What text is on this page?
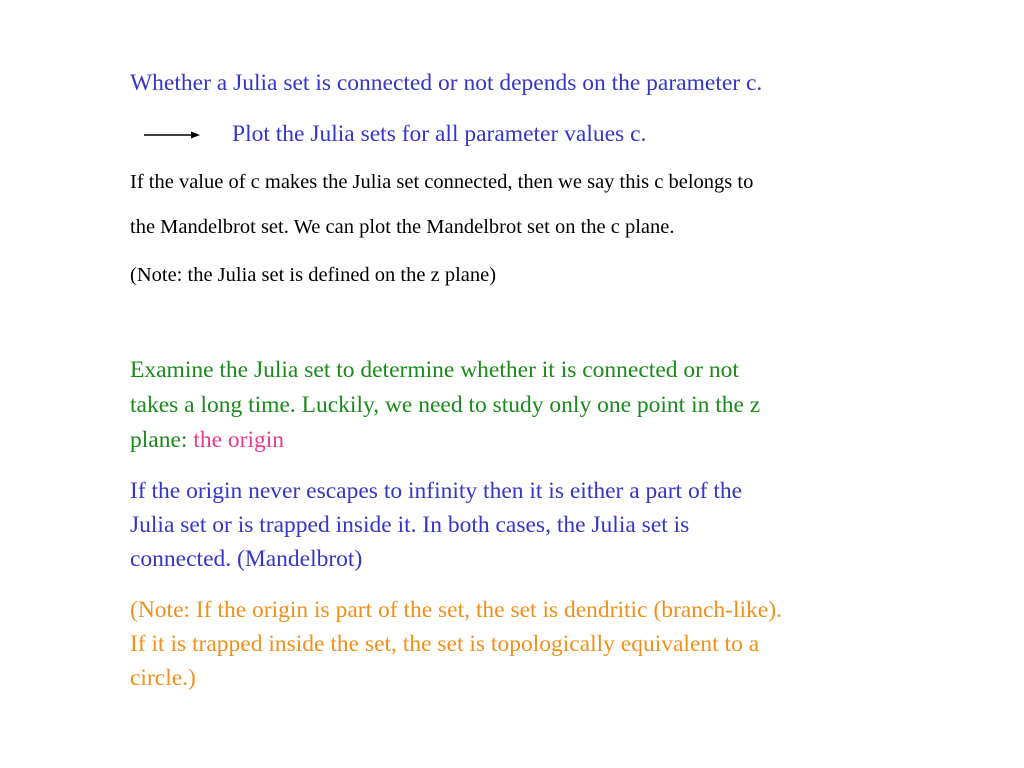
Whether a Julia set is connected or not depends on the parameter c.

Plot the Julia sets for all parameter values c.

If the value of c makes the Julia set connected, then we say this c belongs to

the Mandelbrot set. We can plot the Mandelbrot set on the c plane.

(Note: the Julia set is defined on the z plane)

Examine the Julia set to determine whether it is connected or not

takes a long time. Luckily, we need to study only one point in the z

plane: the origin

If the origin never escapes to infinity then it is either a part of the

Julia set or is trapped inside it. In both cases, the Julia set is

connected. (Mandelbrot)

(Note: If the origin is part of the set, the set is dendritic (branch-like).

If it is trapped inside the set, the set is topologically equivalent to a

circle.)
